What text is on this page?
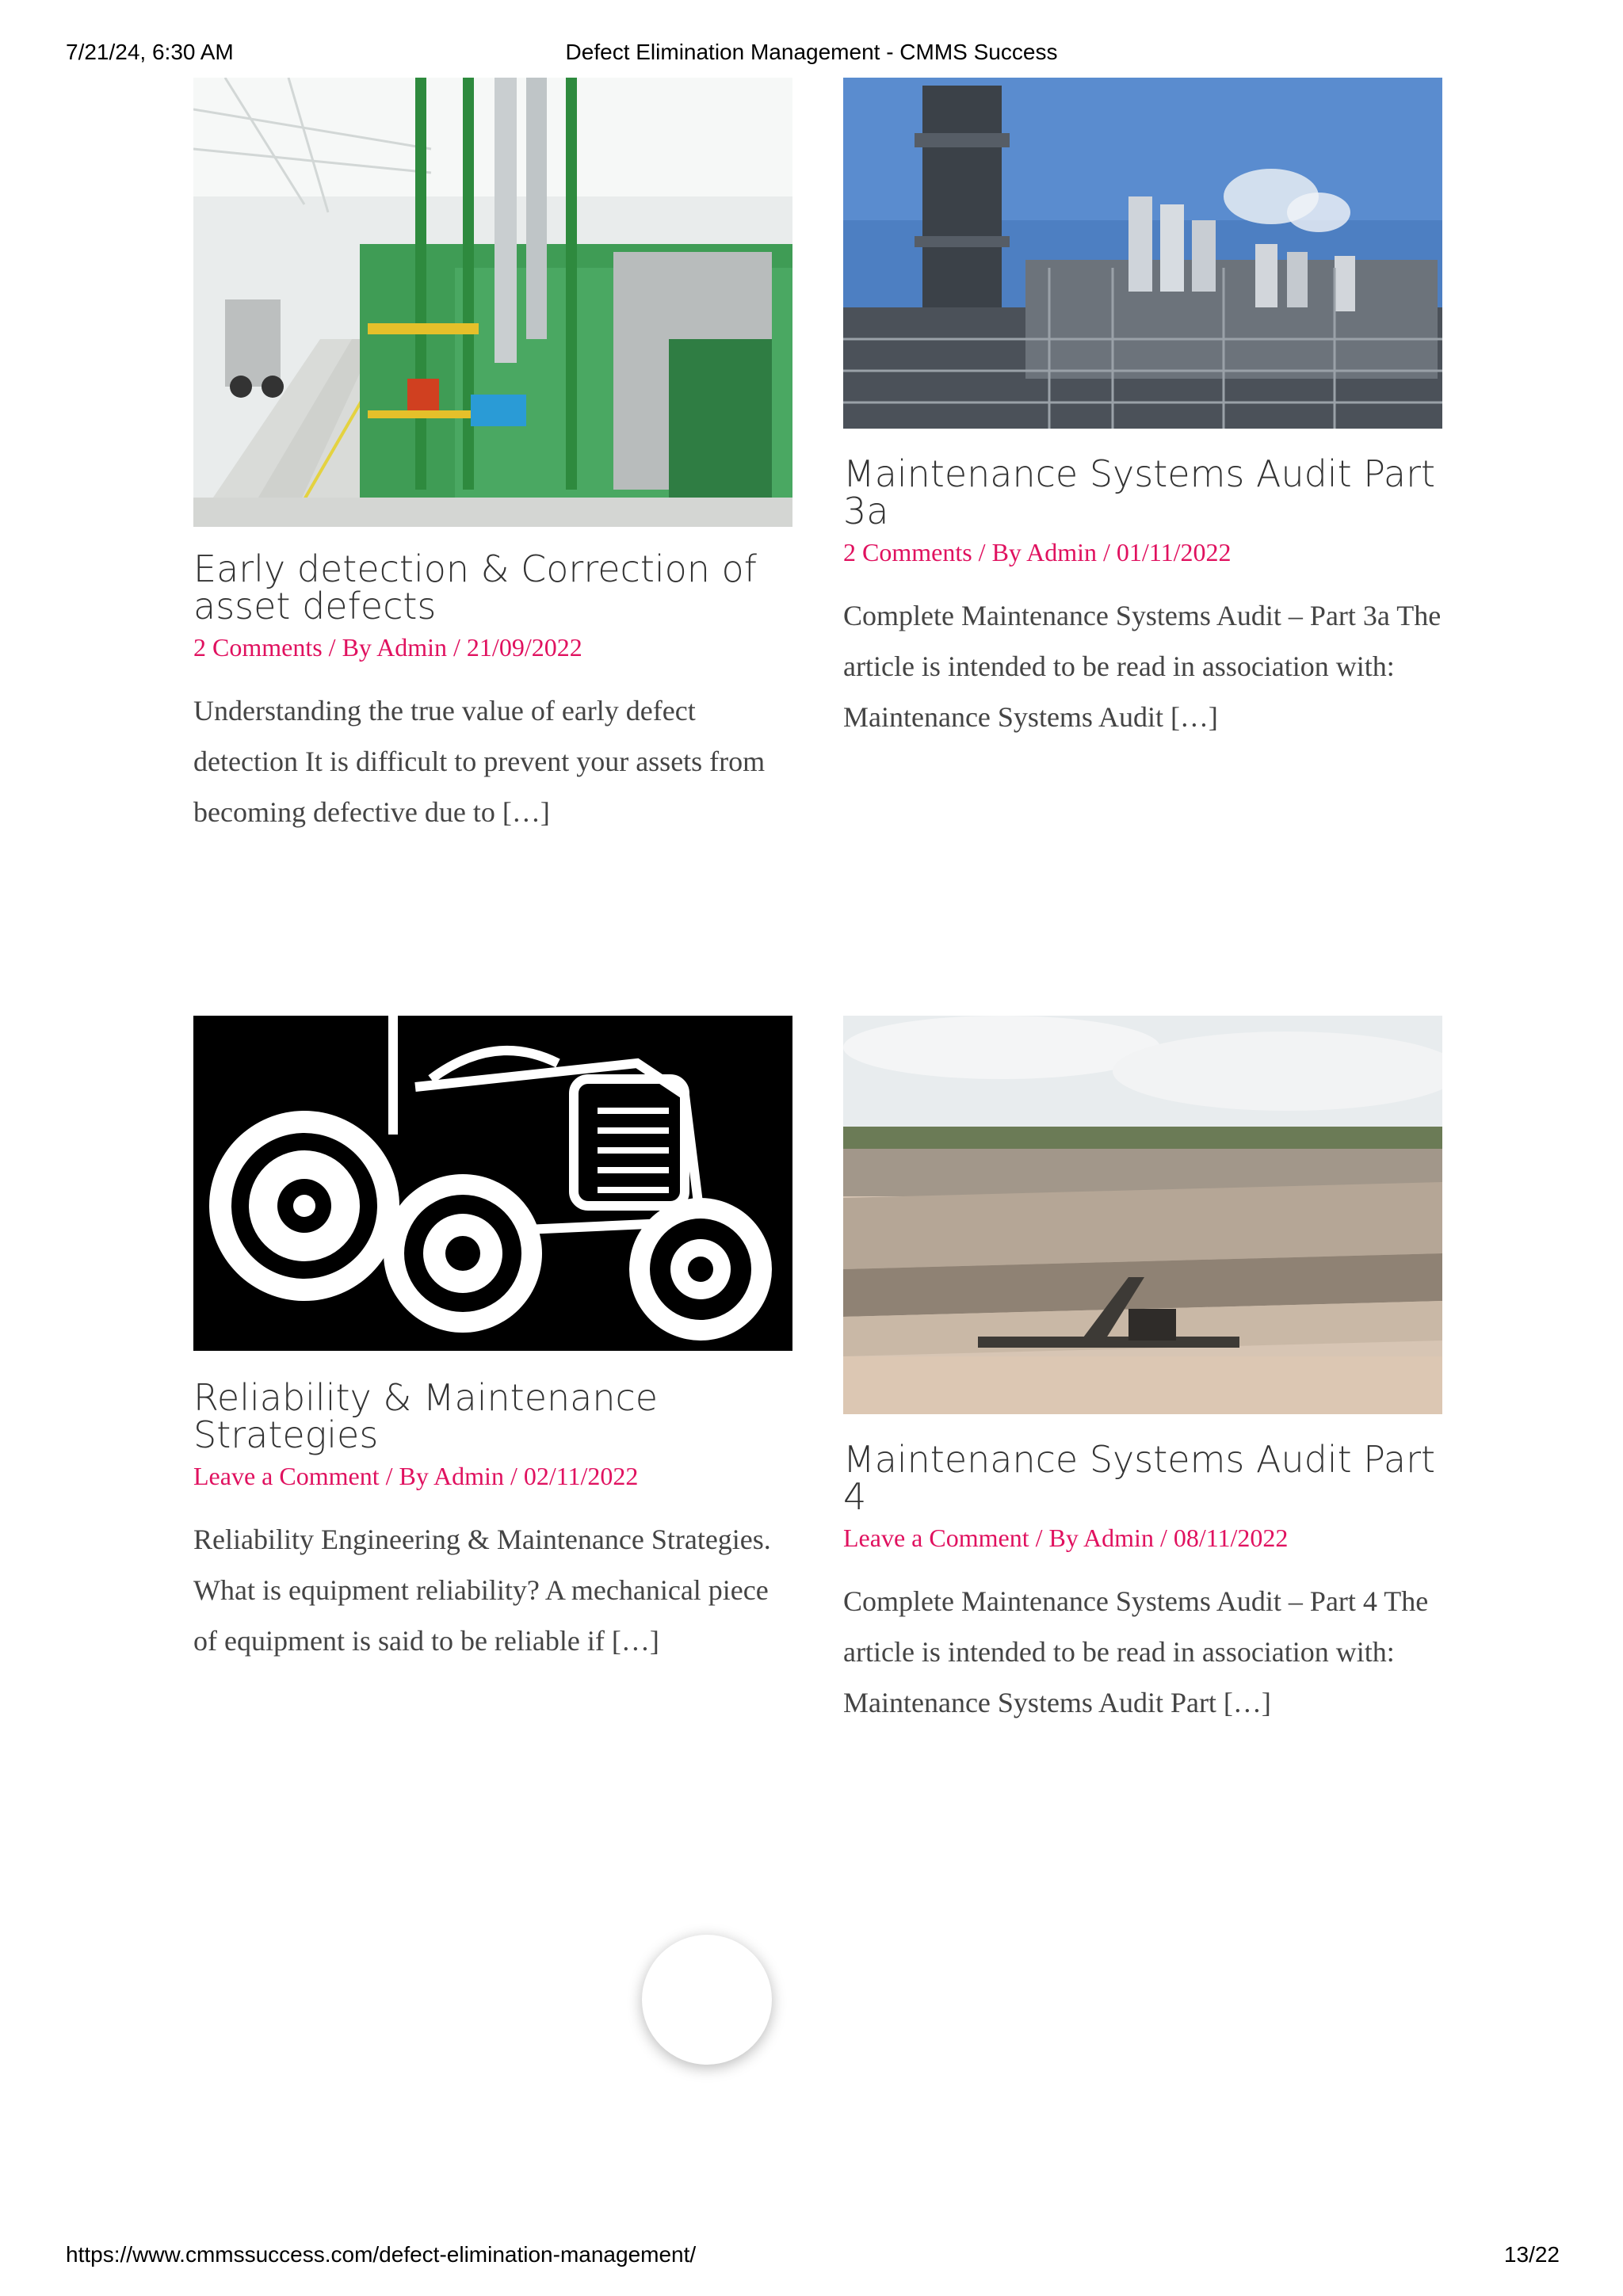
7/21/24, 6:30 AM	Defect Elimination Management - CMMS Success
Early detection & Correction of asset defects
2 Comments / By Admin / 21/09/2022

Understanding the true value of early defect detection It is difficult to prevent your assets from becoming defective due to […]

Maintenance Systems Audit Part 3a
2 Comments / By Admin / 01/11/2022

Complete Maintenance Systems Audit – Part 3a The article is intended to be read in association with: Maintenance Systems Audit […]

Reliability & Maintenance Strategies
Leave a Comment / By Admin / 02/11/2022

Reliability Engineering & Maintenance Strategies. What is equipment reliability? A mechanical piece of equipment is said to be reliable if […]

Maintenance Systems Audit Part 4
Leave a Comment / By Admin / 08/11/2022

Complete Maintenance Systems Audit – Part 4 The article is intended to be read in association with: Maintenance Systems Audit Part […]

https://www.cmmssuccess.com/defect-elimination-management/	13/22
